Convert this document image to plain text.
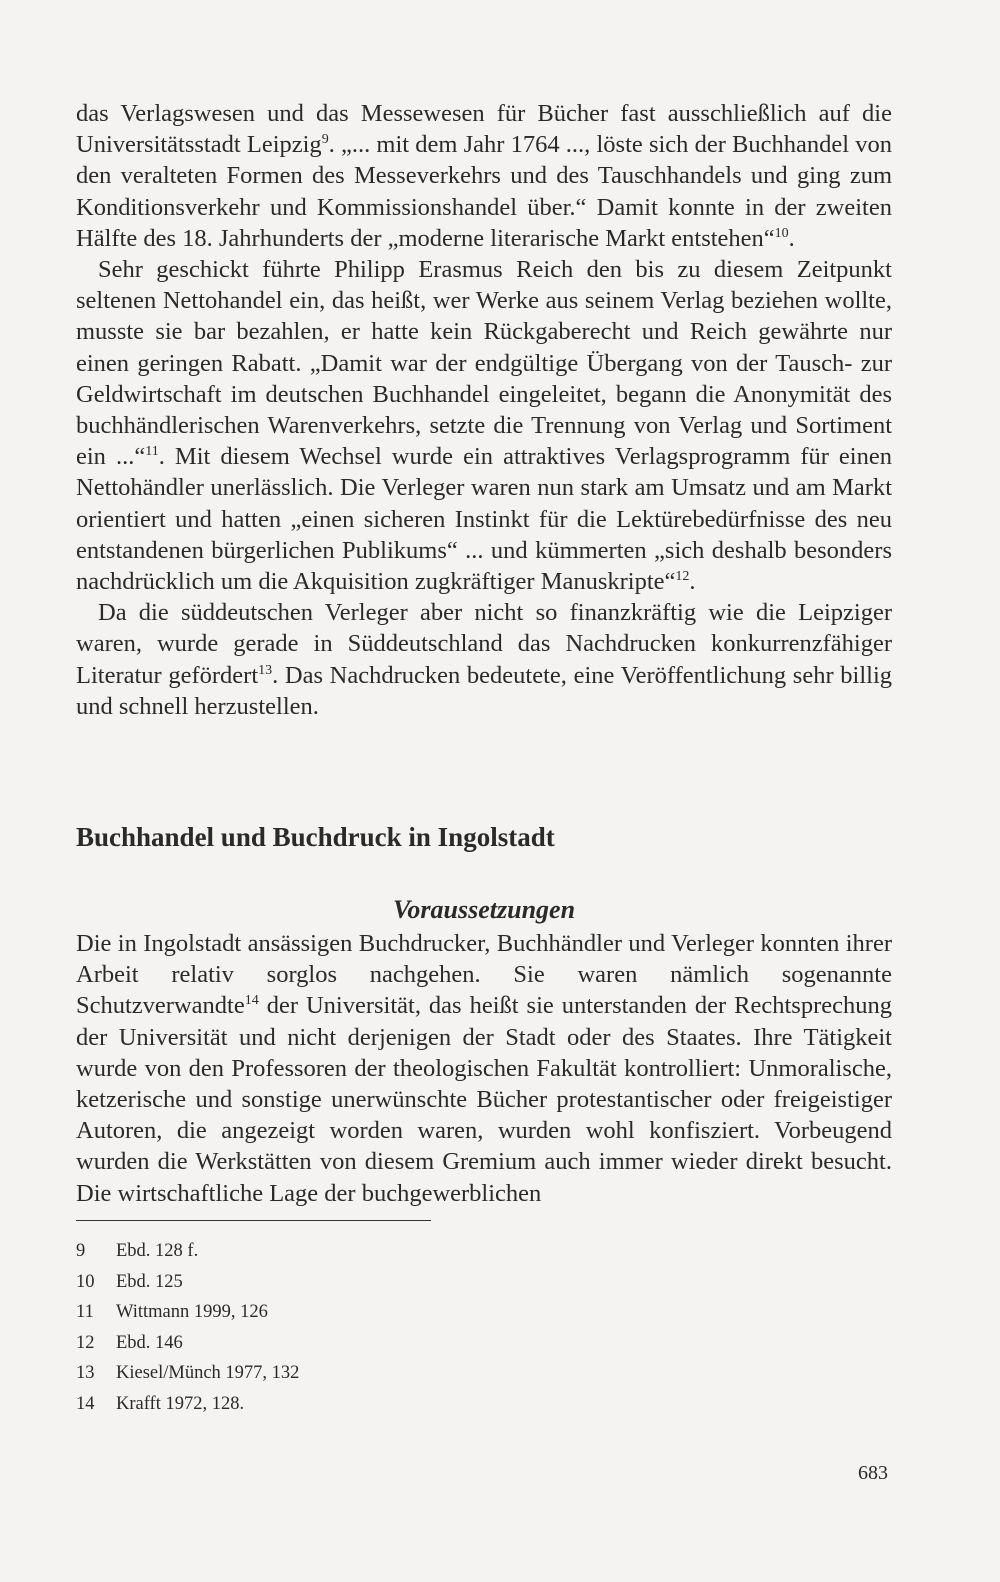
das Verlagswesen und das Messewesen für Bücher fast ausschließlich auf die Universitätsstadt Leipzig$^9$. „... mit dem Jahr 1764 ..., löste sich der Buchhandel von den veralteten Formen des Messeverkehrs und des Tauschhandels und ging zum Konditionsverkehr und Kommissionshandel über.“ Damit konnte in der zweiten Hälfte des 18. Jahrhunderts der „moderne literarische Markt entstehen“$^{10}$.

Sehr geschickt führte Philipp Erasmus Reich den bis zu diesem Zeitpunkt seltenen Nettohandel ein, das heißt, wer Werke aus seinem Verlag beziehen wollte, musste sie bar bezahlen, er hatte kein Rückgaberecht und Reich gewährte nur einen geringen Rabatt. „Damit war der endgültige Übergang von der Tausch- zur Geldwirtschaft im deutschen Buchhandel eingeleitet, begann die Anonymität des buchhändlerischen Warenverkehrs, setzte die Trennung von Verlag und Sortiment ein ...“$^{11}$. Mit diesem Wechsel wurde ein attraktives Verlagsprogramm für einen Nettohändler unerlässlich. Die Verleger waren nun stark am Umsatz und am Markt orientiert und hatten „einen sicheren Instinkt für die Lektürebedürfnisse des neu entstandenen bürgerlichen Publikums“ ... und kümmerten „sich deshalb besonders nachdrücklich um die Akquisition zugkräftiger Manuskripte“$^{12}$.

Da die süddeutschen Verleger aber nicht so finanzkräftig wie die Leipziger waren, wurde gerade in Süddeutschland das Nachdrucken konkurrenzfähiger Literatur gefördert$^{13}$. Das Nachdrucken bedeutete, eine Veröffentlichung sehr billig und schnell herzustellen.

Buchhandel und Buchdruck in Ingolstadt
Voraussetzungen

Die in Ingolstadt ansässigen Buchdrucker, Buchhändler und Verleger konnten ihrer Arbeit relativ sorglos nachgehen. Sie waren nämlich sogenannte Schutzverwandte$^{14}$ der Universität, das heißt sie unterstanden der Rechtsprechung der Universität und nicht derjenigen der Stadt oder des Staates. Ihre Tätigkeit wurde von den Professoren der theologischen Fakultät kontrolliert: Unmoralische, ketzerische und sonstige unerwünschte Bücher protestantischer oder freigeistiger Autoren, die angezeigt worden waren, wurden wohl konfisziert. Vorbeugend wurden die Werkstätten von diesem Gremium auch immer wieder direkt besucht. Die wirtschaftliche Lage der buchgewerblichen

9	Ebd. 128 f.

10	Ebd. 125

11	Wittmann 1999, 126

12	Ebd. 146

13	Kiesel/Münch 1977, 132

14	Krafft 1972, 128.

683
